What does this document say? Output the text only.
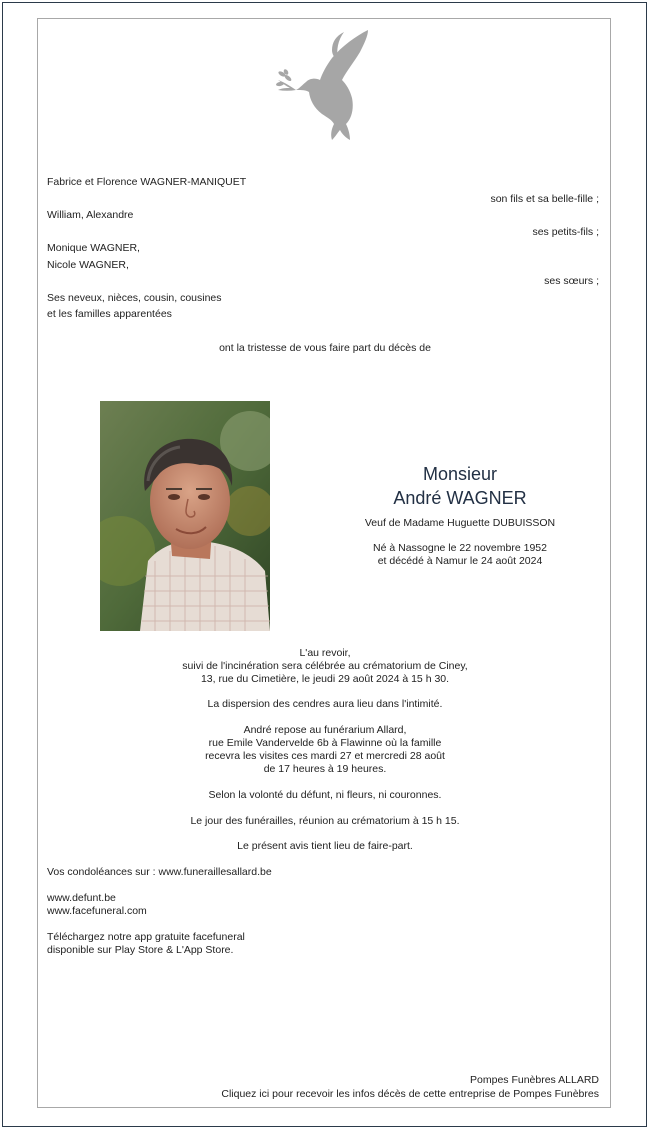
Fabrice et Florence WAGNER-MANIQUET
son fils et sa belle-fille ;
William, Alexandre
ses petits-fils ;
Monique WAGNER,
Nicole WAGNER,
ses sœurs ;
Ses neveux, nièces, cousin, cousines
et les familles apparentées
ont la tristesse de vous faire part du décès de
Monsieur
André WAGNER
Veuf de Madame Huguette DUBUISSON
Né à Nassogne le 22 novembre 1952
et décédé à Namur le 24 août 2024
L'au revoir,
suivi de l'incinération sera célébrée au crématorium de Ciney,
13, rue du Cimetière, le jeudi 29 août 2024 à 15 h 30.
La dispersion des cendres aura lieu dans l'intimité.
André repose au funérarium Allard,
rue Emile Vandervelde 6b à Flawinne où la famille
recevra les visites ces mardi 27 et mercredi 28 août
de 17 heures à 19 heures.
Selon la volonté du défunt, ni fleurs, ni couronnes.
Le jour des funérailles, réunion au crématorium à 15 h 15.
Le présent avis tient lieu de faire-part.
Vos condoléances sur : www.funeraillesallard.be
www.defunt.be
www.facefuneral.com
Téléchargez notre app gratuite facefuneral
disponible sur Play Store & L'App Store.
Pompes Funèbres ALLARD
Cliquez ici pour recevoir les infos décès de cette entreprise de Pompes Funèbres
